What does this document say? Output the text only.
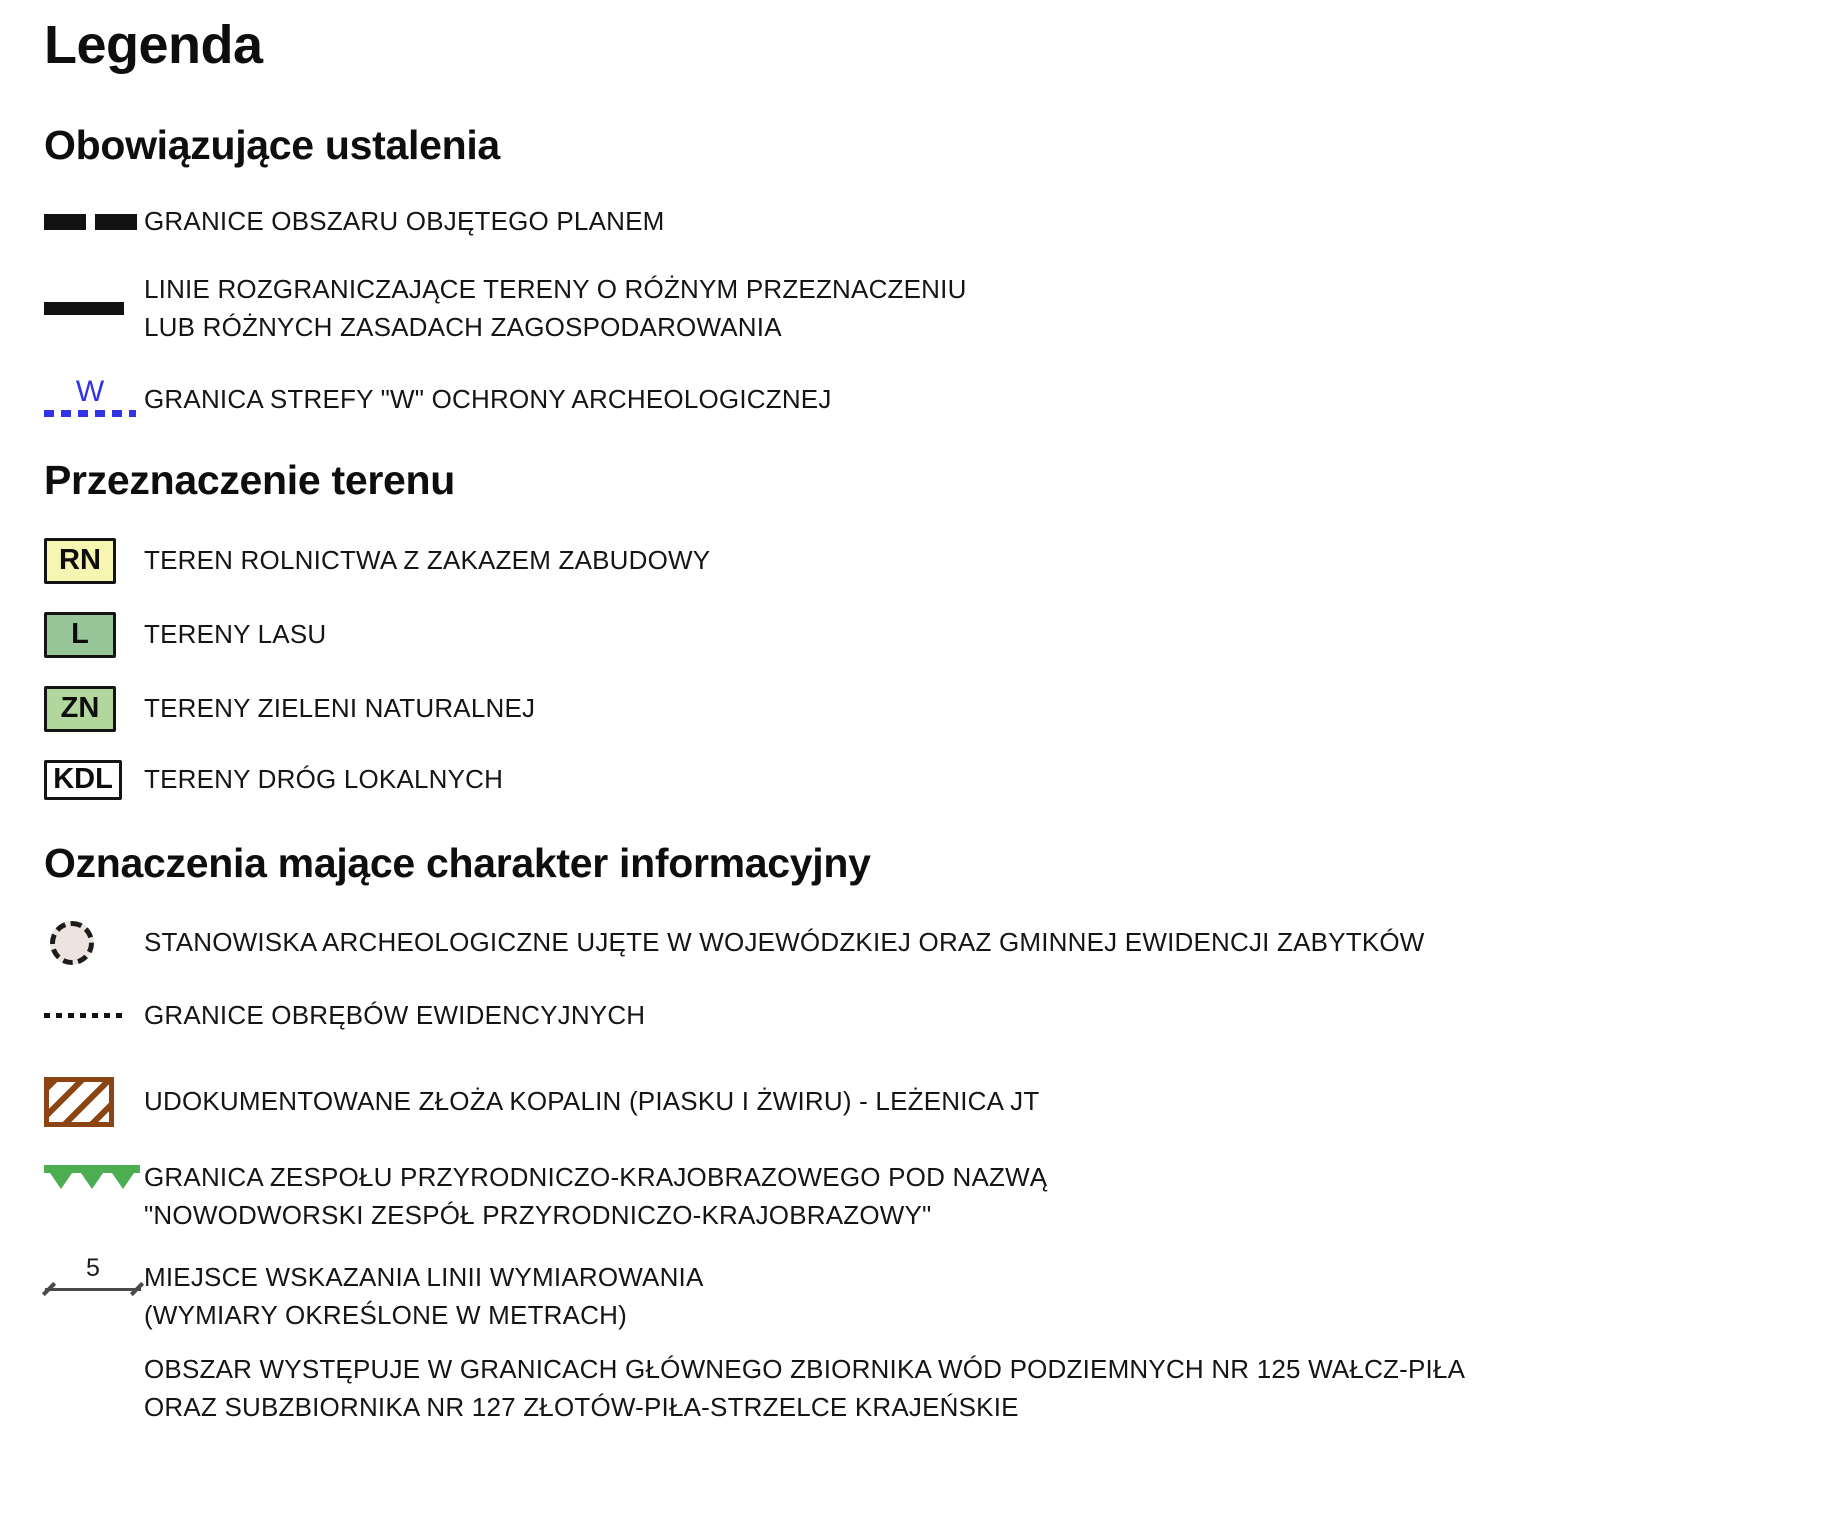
Legenda
Obowiązujące ustalenia
GRANICE OBSZARU OBJĘTEGO PLANEM
LINIE ROZGRANICZAJĄCE TERENY O RÓŻNYM PRZEZNACZENIU
LUB RÓŻNYCH ZASADACH ZAGOSPODAROWANIA
W GRANICA STREFY "W" OCHRONY ARCHEOLOGICZNEJ
Przeznaczenie terenu
RN	TEREN ROLNICTWA Z ZAKAZEM ZABUDOWY
L	TERENY LASU
ZN	TERENY ZIELENI NATURALNEJ
KDL	TERENY DRÓG LOKALNYCH
Oznaczenia mające charakter informacyjny
STANOWISKA ARCHEOLOGICZNE UJĘTE W WOJEWÓDZKIEJ ORAZ GMINNEJ EWIDENCJI ZABYTKÓW
GRANICE OBRĘBÓW EWIDENCYJNYCH
UDOKUMENTOWANE ZŁOŻA KOPALIN (PIASKU I ŻWIRU) - LEŻENICA JT
GRANICA ZESPOŁU PRZYRODNICZO-KRAJOBRAZOWEGO POD NAZWĄ
"NOWODWORSKI ZESPÓŁ PRZYRODNICZO-KRAJOBRAZOWY"
5 MIEJSCE WSKAZANIA LINII WYMIAROWANIA
(WYMIARY OKREŚLONE W METRACH)
OBSZAR WYSTĘPUJE W GRANICACH GŁÓWNEGO ZBIORNIKA WÓD PODZIEMNYCH NR 125 WAŁCZ-PIŁA
ORAZ SUBZBIORNIKA NR 127 ZŁOTÓW-PIŁA-STRZELCE KRAJEŃSKIE
